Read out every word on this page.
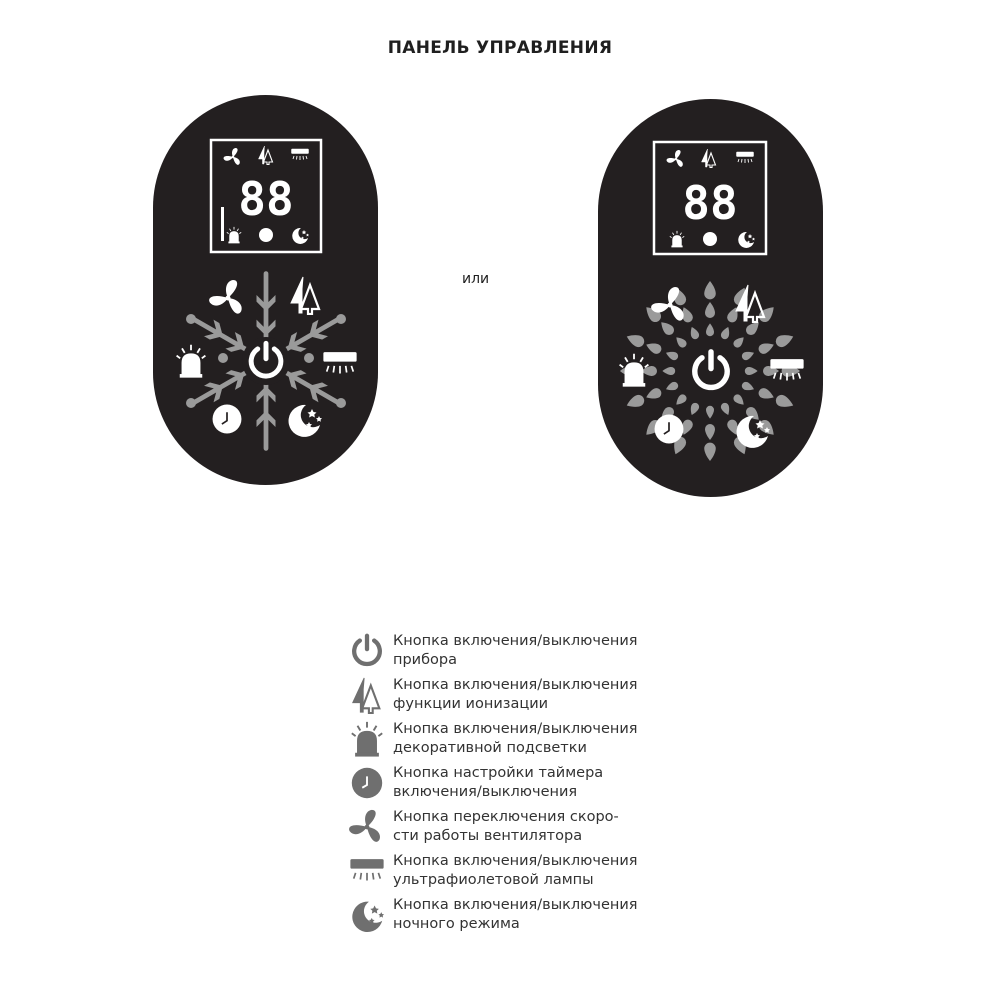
ПАНЕЛЬ УПРАВЛЕНИЯ
или
88	88
Кнопка включения/выключения
прибора
Кнопка включения/выключения
функции ионизации
Кнопка включения/выключения
декоративной подсветки
Кнопка настройки таймера
включения/выключения
Кнопка переключения скоро-
сти работы вентилятора
Кнопка включения/выключения
ультрафиолетовой лампы
Кнопка включения/выключения
ночного режима
